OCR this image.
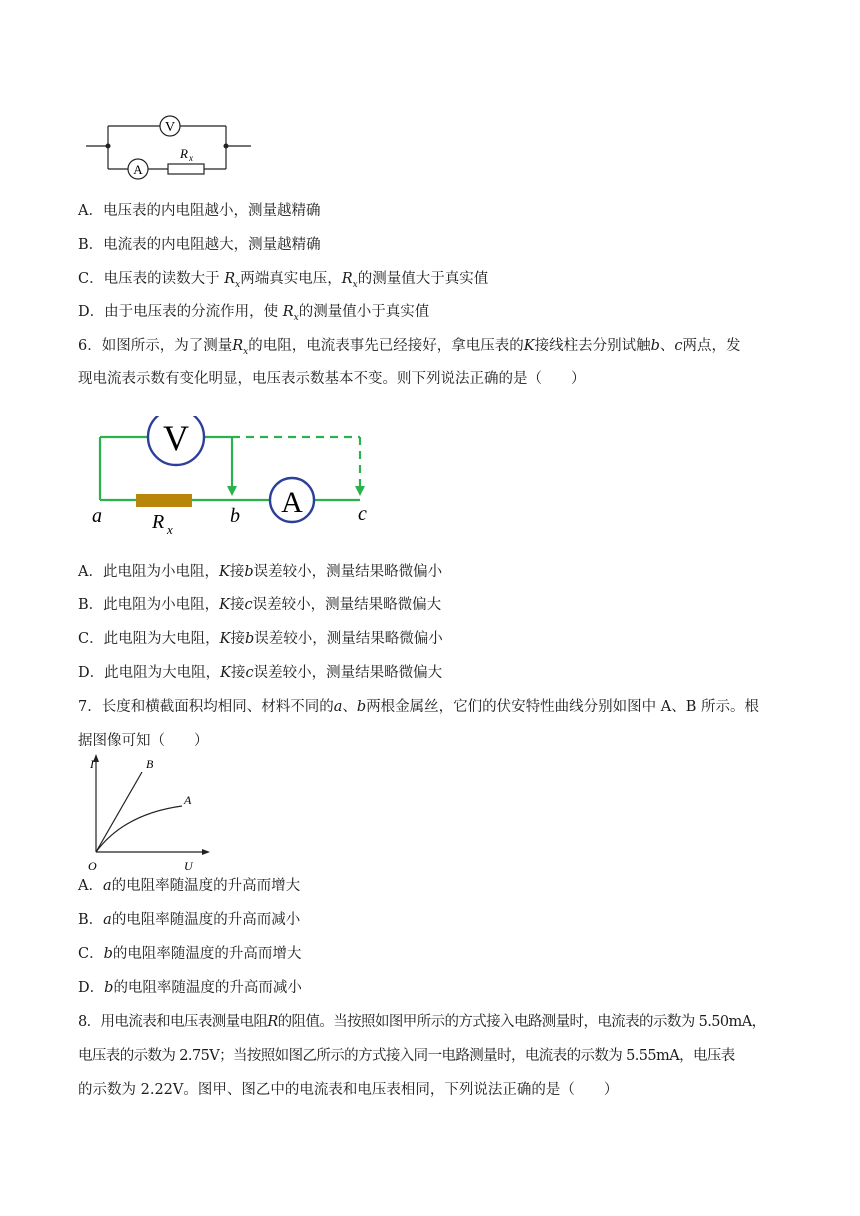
V
A
R x
A．电压表的内电阻越小，测量越精确
B．电流表的内电阻越大，测量越精确
C．电压表的读数大于 $R_x$两端真实电压，$R_x$的测量值大于真实值
D．由于电压表的分流作用，使 $R_x$的测量值小于真实值
6．如图所示，为了测量$R_x$的电阻，电流表事先已经接好，拿电压表的K接线柱去分别试触b、c两点，发
现电流表示数有变化明显，电压表示数基本不变。则下列说法正确的是（　　）
V
A
R x
a	b	c
A．此电阻为小电阻，K接b误差较小，测量结果略微偏小
B．此电阻为小电阻，K接c误差较小，测量结果略微偏大
C．此电阻为大电阻，K接b误差较小，测量结果略微偏小
D．此电阻为大电阻，K接c误差较小，测量结果略微偏大
7．长度和横截面积均相同、材料不同的a、b两根金属丝，它们的伏安特性曲线分别如图中 A、B 所示。根
据图像可知（　　）
I
U
O
B
A
A．a的电阻率随温度的升高而增大
B．a的电阻率随温度的升高而减小
C．b的电阻率随温度的升高而增大
D．b的电阻率随温度的升高而减小
8．用电流表和电压表测量电阻R的阻值。当按照如图甲所示的方式接入电路测量时，电流表的示数为 5.50mA，
电压表的示数为 2.75V；当按照如图乙所示的方式接入同一电路测量时，电流表的示数为 5.55mA，电压表
的示数为 2.22V。图甲、图乙中的电流表和电压表相同，下列说法正确的是（　　）
